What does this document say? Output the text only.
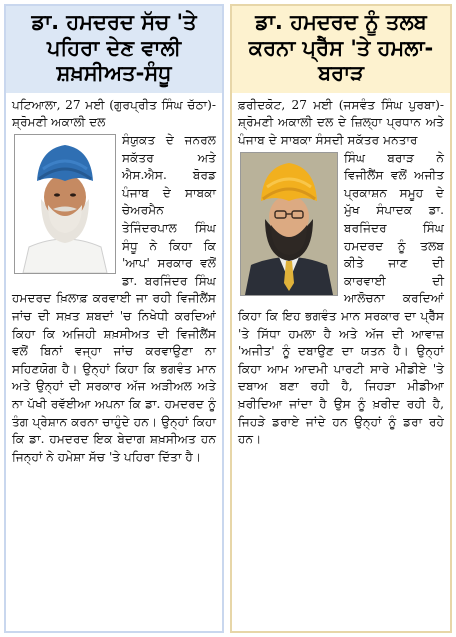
ਡਾ. ਹਮਦਰਦ ਸੱਚ 'ਤੇ ਪਹਿਰਾ ਦੇਣ ਵਾਲੀ ਸ਼ਖ਼ਸੀਅਤ-ਸੰਧੂ
ਪਟਿਆਲਾ, 27 ਮਈ (ਗੁਰਪ੍ਰੀਤ ਸਿੰਘ ਚੱਠਾ)-ਸ਼੍ਰੋਮਣੀ ਅਕਾਲੀ ਦਲ
ਸੰਯੁਕਤ ਦੇ ਜਨਰਲ ਸਕੱਤਰ ਅਤੇ ਐਸ.ਐਸ. ਬੋਰਡ ਪੰਜਾਬ ਦੇ ਸਾਬਕਾ ਚੇਅਰਮੈਨ ਤੇਜਿੰਦਰਪਾਲ ਸਿੰਘ ਸੰਧੂ ਨੇ ਕਿਹਾ ਕਿ 'ਆਪ' ਸਰਕਾਰ ਵਲੋਂ ਡਾ. ਬਰਜਿੰਦਰ ਸਿੰਘ ਹਮਦਰਦ ਖ਼ਿਲਾਫ਼ ਕਰਵਾਈ ਜਾ ਰਹੀ ਵਿਜੀਲੈਂਸ ਜਾਂਚ ਦੀ ਸਖ਼ਤ ਸ਼ਬਦਾਂ 'ਚ ਨਿਖੇਧੀ ਕਰਦਿਆਂ ਕਿਹਾ ਕਿ ਅਜਿਹੀ ਸ਼ਖ਼ਸੀਅਤ ਦੀ ਵਿਜੀਲੈਂਸ ਵਲੋਂ ਬਿਨਾਂ ਵਜ੍ਹਾ ਜਾਂਚ ਕਰਵਾਉਣਾ ਨਾ ਸਹਿਣਯੋਗ ਹੈ। ਉਨ੍ਹਾਂ ਕਿਹਾ ਕਿ ਭਗਵੰਤ ਮਾਨ ਅਤੇ ਉਨ੍ਹਾਂ ਦੀ ਸਰਕਾਰ ਅੱਜ ਅੜੀਅਲ ਅਤੇ ਨਾ ਪੱਖੀ ਰਵੱਈਆ ਅਪਨਾ ਕਿ ਡਾ. ਹਮਦਰਦ ਨੂੰ ਤੰਗ ਪ੍ਰੇਸ਼ਾਨ ਕਰਨਾ ਚਾਹੁੰਦੇ ਹਨ। ਉਨ੍ਹਾਂ ਕਿਹਾ ਕਿ ਡਾ. ਹਮਦਰਦ ਇਕ ਬੇਦਾਗ ਸ਼ਖ਼ਸੀਅਤ ਹਨ ਜਿਨ੍ਹਾਂ ਨੇ ਹਮੇਸ਼ਾ ਸੱਚ 'ਤੇ ਪਹਿਰਾ ਦਿੱਤਾ ਹੈ।
ਡਾ. ਹਮਦਰਦ ਨੂੰ ਤਲਬ ਕਰਨਾ ਪ੍ਰੈੱਸ 'ਤੇ ਹਮਲਾ-ਬਰਾੜ
ਫ਼ਰੀਦਕੋਟ, 27 ਮਈ (ਜਸਵੰਤ ਸਿੰਘ ਪੁਰਬਾ)-ਸ਼੍ਰੋਮਣੀ ਅਕਾਲੀ ਦਲ ਦੇ ਜ਼ਿਲ੍ਹਾ ਪ੍ਰਧਾਨ ਅਤੇ ਪੰਜਾਬ ਦੇ ਸਾਬਕਾ ਸੰਸਦੀ ਸਕੱਤਰ ਮਨਤਾਰ
ਸਿੰਘ ਬਰਾੜ ਨੇ ਵਿਜੀਲੈਂਸ ਵਲੋਂ ਅਜੀਤ ਪ੍ਰਕਾਸ਼ਨ ਸਮੂਹ ਦੇ ਮੁੱਖ ਸੰਪਾਦਕ ਡਾ. ਬਰਜਿੰਦਰ ਸਿੰਘ ਹਮਦਰਦ ਨੂੰ ਤਲਬ ਕੀਤੇ ਜਾਣ ਦੀ ਕਾਰਵਾਈ ਦੀ ਆਲੋਚਨਾ ਕਰਦਿਆਂ ਕਿਹਾ ਕਿ ਇਹ ਭਗਵੰਤ ਮਾਨ ਸਰਕਾਰ ਦਾ ਪ੍ਰੈੱਸ 'ਤੇ ਸਿੱਧਾ ਹਮਲਾ ਹੈ ਅਤੇ ਅੱਜ ਦੀ ਆਵਾਜ਼ 'ਅਜੀਤ' ਨੂੰ ਦਬਾਉਣ ਦਾ ਯਤਨ ਹੈ। ਉਨ੍ਹਾਂ ਕਿਹਾ ਆਮ ਆਦਮੀ ਪਾਰਟੀ ਸਾਰੇ ਮੀਡੀਏ 'ਤੇ ਦਬਾਅ ਬਣਾ ਰਹੀ ਹੈ, ਜਿਹੜਾ ਮੀਡੀਆ ਖ਼ਰੀਦਿਆ ਜਾਂਦਾ ਹੈ ਉਸ ਨੂੰ ਖ਼ਰੀਦ ਰਹੀ ਹੈ, ਜਿਹੜੇ ਡਰਾਏ ਜਾਂਦੇ ਹਨ ਉਨ੍ਹਾਂ ਨੂੰ ਡਰਾ ਰਹੇ ਹਨ।
